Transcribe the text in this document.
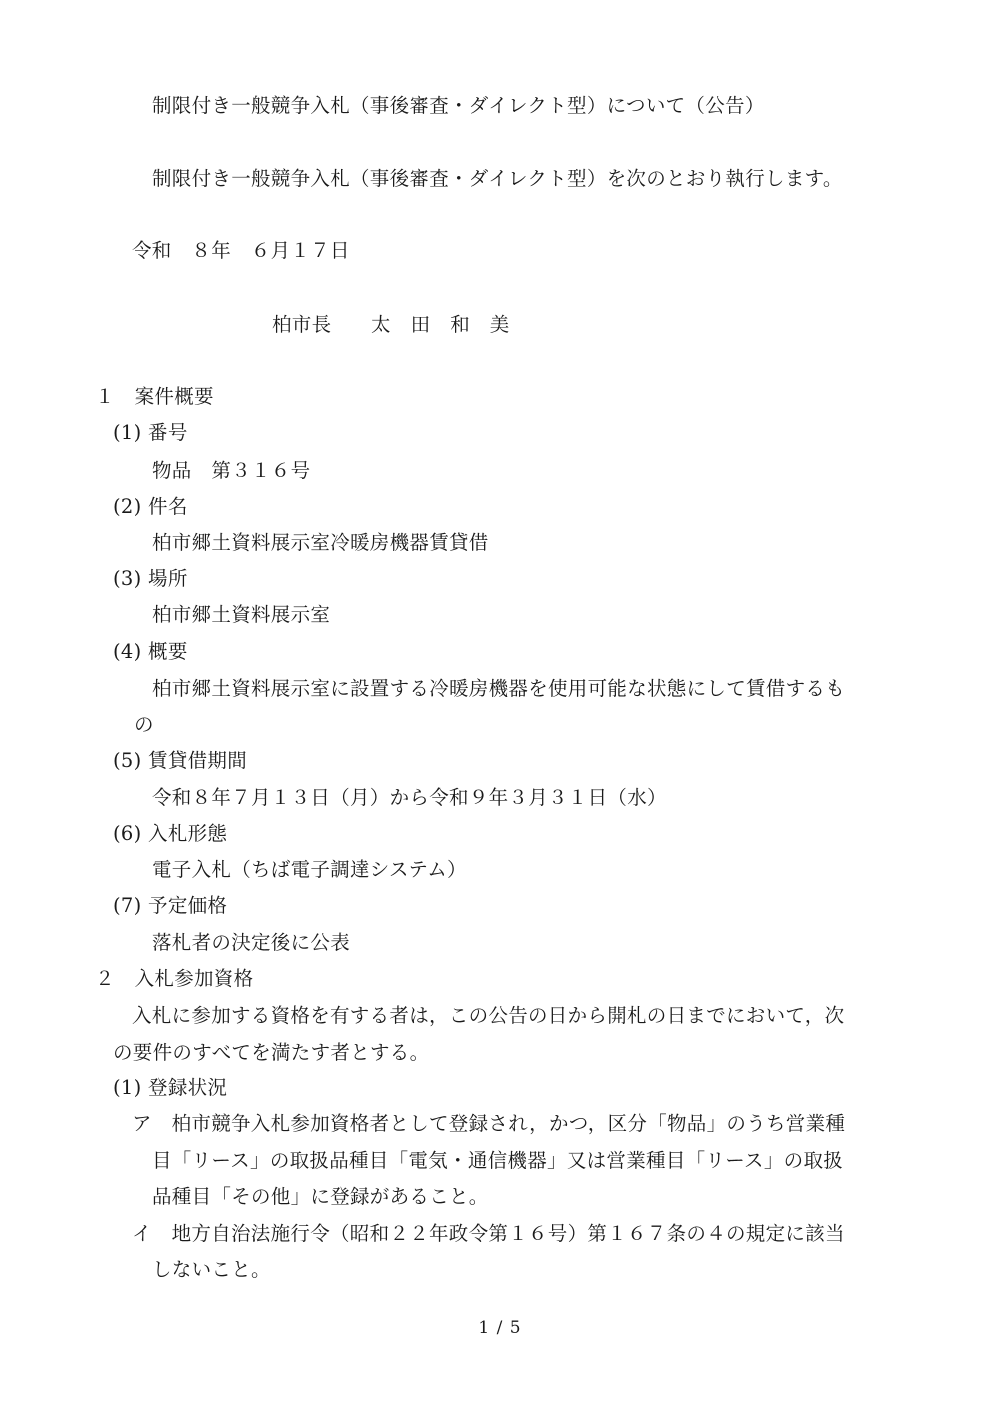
制限付き一般競争入札（事後審査・ダイレクト型）について（公告）

制限付き一般競争入札（事後審査・ダイレクト型）を次のとおり執行します。

令和　８年　６月１７日

柏市長　　太　田　和　美

１　案件概要

(1) 番号

物品　第３１６号

(2) 件名

柏市郷土資料展示室冷暖房機器賃貸借

(3) 場所

柏市郷土資料展示室

(4) 概要

柏市郷土資料展示室に設置する冷暖房機器を使用可能な状態にして賃借するも

の

(5) 賃貸借期間

令和８年７月１３日（月）から令和９年３月３１日（水）

(6) 入札形態

電子入札（ちば電子調達システム）

(7) 予定価格

落札者の決定後に公表

２　入札参加資格

入札に参加する資格を有する者は，この公告の日から開札の日までにおいて，次

の要件のすべてを満たす者とする。

(1) 登録状況

ア　柏市競争入札参加資格者として登録され，かつ，区分「物品」のうち営業種

目「リース」の取扱品種目「電気・通信機器」又は営業種目「リース」の取扱

品種目「その他」に登録があること。

イ　地方自治法施行令（昭和２２年政令第１６号）第１６７条の４の規定に該当

しないこと。

1 / 5
